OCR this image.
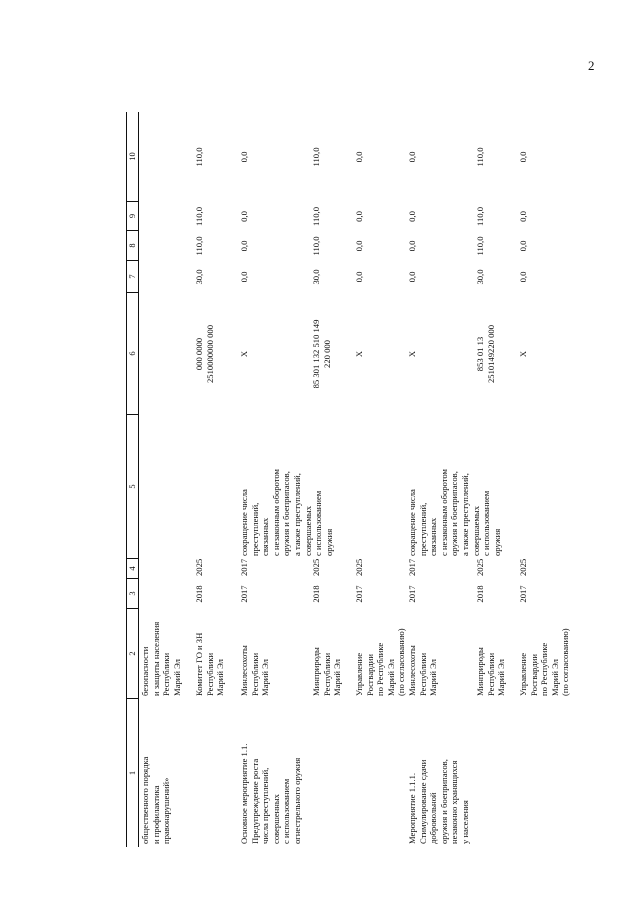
2
1
2
3
4
5
6
7
8
9
10
общественного порядка
и профилактика
правонарушений»
безопасности
и защиты населения
Республики
Марий Эл
Комитет ГО и ЗН
Республики
Марий Эл
2018
2025
000 0000
2510000000 000
30,0
110,0
110,0
110,0
Основное мероприятие 1.1.
Предупреждение роста
числа преступлений,
совершенных
с использованием
огнестрельного оружия
Минлесохоты
Республики
Марий Эл
2017
2017
сокращение числа
преступлений,
связанных
с незаконным оборотом
оружия и боеприпасов,
а также преступлений,
совершаемых
с использованием
оружия
Х
0,0
0,0
0,0
0,0
Минприроды
Республики
Марий Эл
2018
2025
85 301 132 510 149
220 000
30,0
110,0
110,0
110,0
Управление
Росгвардии
по Республике
Марий Эл
(по согласованию)
2017
2025
Х
0,0
0,0
0,0
0,0
Мероприятие 1.1.1.
Стимулирование сдачи
добровольной
оружия и боеприпасов,
незаконно хранящихся
у населения
Минлесохоты
Республики
Марий Эл
2017
2017
сокращение числа
преступлений,
связанных
с незаконным оборотом
оружия и боеприпасов,
а также преступлений,
совершаемых
с использованием
оружия
Х
0,0
0,0
0,0
0,0
Минприроды
Республики
Марий Эл
2018
2025
853 01 13
2510149220 000
30,0
110,0
110,0
110,0
Управление
Росгвардии
по Республике
Марий Эл
(по согласованию)
2017
2025
Х
0,0
0,0
0,0
0,0
